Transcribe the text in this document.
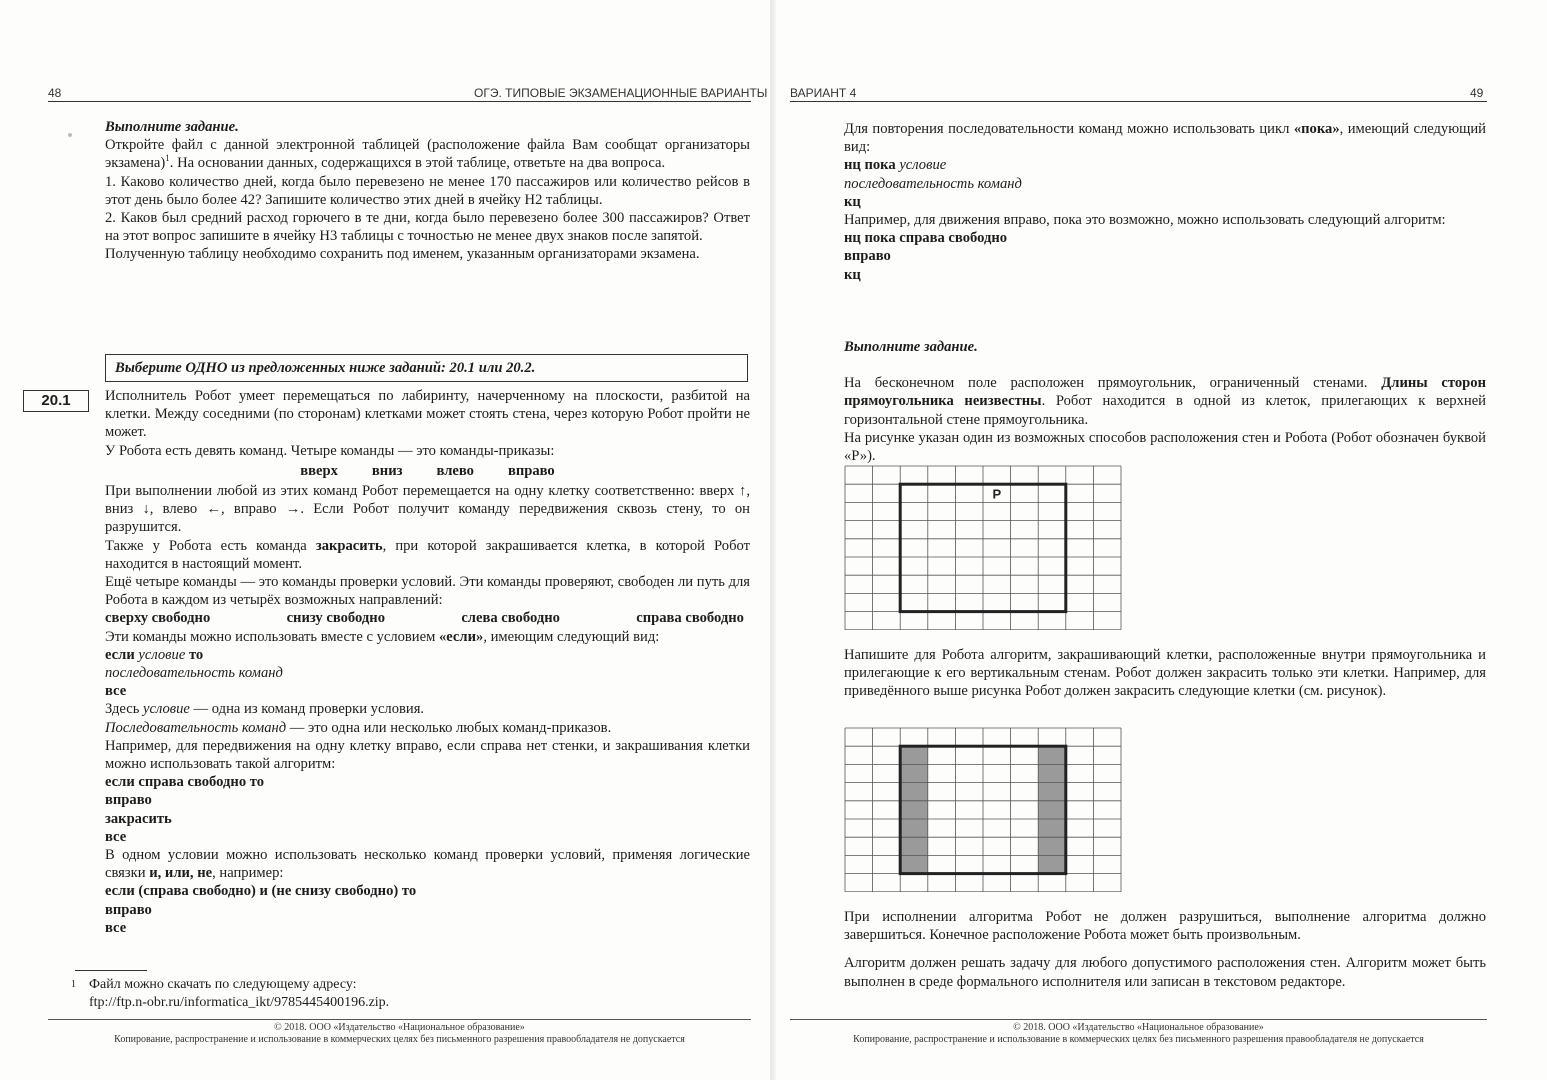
48	ОГЭ. ТИПОВЫЕ ЭКЗАМЕНАЦИОННЫЕ ВАРИАНТЫ ВАРИАНТ 4	49

Выполните задание.

Откройте файл с данной электронной таблицей (расположение файла Вам сообщат организаторы экзамена)$^1$. На основании данных, содержащихся в этой таблице, ответьте на два вопроса.

1. Каково количество дней, когда было перевезено не менее 170 пассажиров или количество рейсов в этот день было более 42? Запишите количество этих дней в ячейку H2 таблицы.

2. Каков был средний расход горючего в те дни, когда было перевезено более 300 пассажиров? Ответ на этот вопрос запишите в ячейку H3 таблицы с точностью не менее двух знаков после запятой.

Полученную таблицу необходимо сохранить под именем, указанным организаторами экзамена.

Выберите ОДНО из предложенных ниже заданий: 20.1 или 20.2.
20.1	Исполнитель Робот умеет перемещаться по лабиринту, начерченному на плоскости, разбитой на клетки. Между соседними (по сторонам) клетками может стоять стена, через которую Робот пройти не может.

У Робота есть девять команд. Четыре команды — это команды-приказы:

вверх вниз влево вправо

При выполнении любой из этих команд Робот перемещается на одну клетку соответственно: вверх ↑, вниз ↓, влево ←, вправо →. Если Робот получит команду передвижения сквозь стену, то он разрушится.

Также у Робота есть команда закрасить, при которой закрашивается клетка, в которой Робот находится в настоящий момент.

Ещё четыре команды — это команды проверки условий. Эти команды проверяют, свободен ли путь для Робота в каждом из четырёх возможных направлений:

сверху свободно	снизу свободно	слева свободно	справа свободно

Эти команды можно использовать вместе с условием «если», имеющим следующий вид:

если условие то

последовательность команд

все

Здесь условие — одна из команд проверки условия.

Последовательность команд — это одна или несколько любых команд-приказов.

Например, для передвижения на одну клетку вправо, если справа нет стенки, и закрашивания клетки можно использовать такой алгоритм:

если справа свободно то

вправо

закрасить

все

В одном условии можно использовать несколько команд проверки условий, применяя логические связки и, или, не, например:

если (справа свободно) и (не снизу свободно) то

вправо

все

1 Файл можно скачать по следующему адресу:
ftp://ftp.n-obr.ru/informatica_ikt/9785445400196.zip.
© 2018. ООО «Издательство «Национальное образование»
Копирование, распространение и использование в коммерческих целях без письменного разрешения правообладателя не допускается

Для повторения последовательности команд можно использовать цикл «пока», имеющий следующий вид:

нц пока условие

последовательность команд

кц

Например, для движения вправо, пока это возможно, можно использовать следующий алгоритм:

нц пока справа свободно

вправо

кц

Выполните задание.

На бесконечном поле расположен прямоугольник, ограниченный стенами. Длины сторон прямоугольника неизвестны. Робот находится в одной из клеток, прилегающих к верхней горизонтальной стене прямоугольника.

На рисунке указан один из возможных способов расположения стен и Робота (Робот обозначен буквой «Р»).

Р

Напишите для Робота алгоритм, закрашивающий клетки, расположенные внутри прямоугольника и прилегающие к его вертикальным стенам. Робот должен закрасить только эти клетки. Например, для приведённого выше рисунка Робот должен закрасить следующие клетки (см. рисунок).

При исполнении алгоритма Робот не должен разрушиться, выполнение алгоритма должно завершиться. Конечное расположение Робота может быть произвольным.

Алгоритм должен решать задачу для любого допустимого расположения стен. Алгоритм может быть выполнен в среде формального исполнителя или записан в текстовом редакторе.

© 2018. ООО «Издательство «Национальное образование»
Копирование, распространение и использование в коммерческих целях без письменного разрешения правообладателя не допускается
